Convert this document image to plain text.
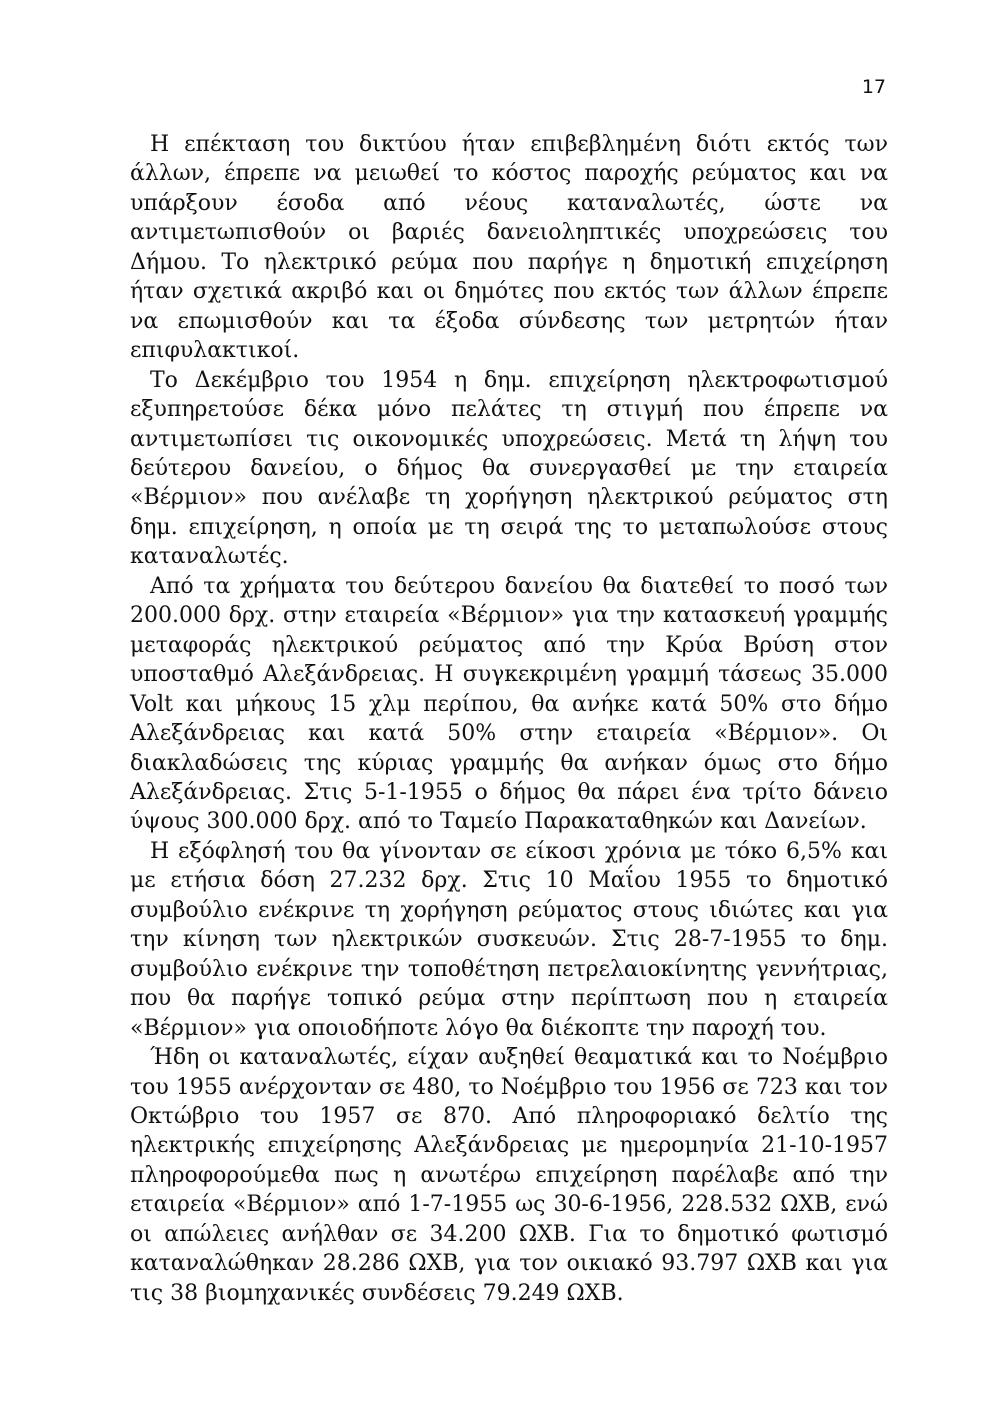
17

Η επέκταση του δικτύου ήταν επιβεβλημένη διότι εκτός των άλλων, έπρεπε να μειωθεί το κόστος παροχής ρεύματος και να υπάρξουν έσοδα από νέους καταναλωτές, ώστε να αντιμετωπισθούν οι βαριές δανειοληπτικές υποχρεώσεις του Δήμου. Το ηλεκτρικό ρεύμα που παρήγε η δημοτική επιχείρηση ήταν σχετικά ακριβό και οι δημότες που εκτός των άλλων έπρεπε να επωμισθούν και τα έξοδα σύνδεσης των μετρητών ήταν επιφυλακτικοί.

Το Δεκέμβριο του 1954 η δημ. επιχείρηση ηλεκτροφωτισμού εξυπηρετούσε δέκα μόνο πελάτες τη στιγμή που έπρεπε να αντιμετωπίσει τις οικονομικές υποχρεώσεις. Μετά τη λήψη του δεύτερου δανείου, ο δήμος θα συνεργασθεί με την εταιρεία «Βέρμιον» που ανέλαβε τη χορήγηση ηλεκτρικού ρεύματος στη δημ. επιχείρηση, η οποία με τη σειρά της το μεταπωλούσε στους καταναλωτές.

Από τα χρήματα του δεύτερου δανείου θα διατεθεί το ποσό των 200.000 δρχ. στην εταιρεία «Βέρμιον» για την κατασκευή γραμμής μεταφοράς ηλεκτρικού ρεύματος από την Κρύα Βρύση στον υποσταθμό Αλεξάνδρειας. Η συγκεκριμένη γραμμή τάσεως 35.000 Volt και μήκους 15 χλμ περίπου, θα ανήκε κατά 50% στο δήμο Αλεξάνδρειας και κατά 50% στην εταιρεία «Βέρμιον». Οι διακλαδώσεις της κύριας γραμμής θα ανήκαν όμως στο δήμο Αλεξάνδρειας. Στις 5-1-1955 ο δήμος θα πάρει ένα τρίτο δάνειο ύψους 300.000 δρχ. από το Ταμείο Παρακαταθηκών και Δανείων.

Η εξόφλησή του θα γίνονταν σε είκοσι χρόνια με τόκο 6,5% και με ετήσια δόση 27.232 δρχ. Στις 10 Μαΐου 1955 το δημοτικό συμβούλιο ενέκρινε τη χορήγηση ρεύματος στους ιδιώτες και για την κίνηση των ηλεκτρικών συσκευών. Στις 28-7-1955 το δημ. συμβούλιο ενέκρινε την τοποθέτηση πετρελαιοκίνητης γεννήτριας, που θα παρήγε τοπικό ρεύμα στην περίπτωση που η εταιρεία «Βέρμιον» για οποιοδήποτε λόγο θα διέκοπτε την παροχή του.

Ήδη οι καταναλωτές, είχαν αυξηθεί θεαματικά και το Νοέμβριο του 1955 ανέρχονταν σε 480, το Νοέμβριο του 1956 σε 723 και τον Οκτώβριο του 1957 σε 870. Από πληροφοριακό δελτίο της ηλεκτρικής επιχείρησης Αλεξάνδρειας με ημερομηνία 21-10-1957 πληροφορούμεθα πως η ανωτέρω επιχείρηση παρέλαβε από την εταιρεία «Βέρμιον» από 1-7-1955 ως 30-6-1956, 228.532 ΩΧΒ, ενώ οι απώλειες ανήλθαν σε 34.200 ΩΧΒ. Για το δημοτικό φωτισμό καταναλώθηκαν 28.286 ΩΧΒ, για τον οικιακό 93.797 ΩΧΒ και για τις 38 βιομηχανικές συνδέσεις 79.249 ΩΧΒ.
